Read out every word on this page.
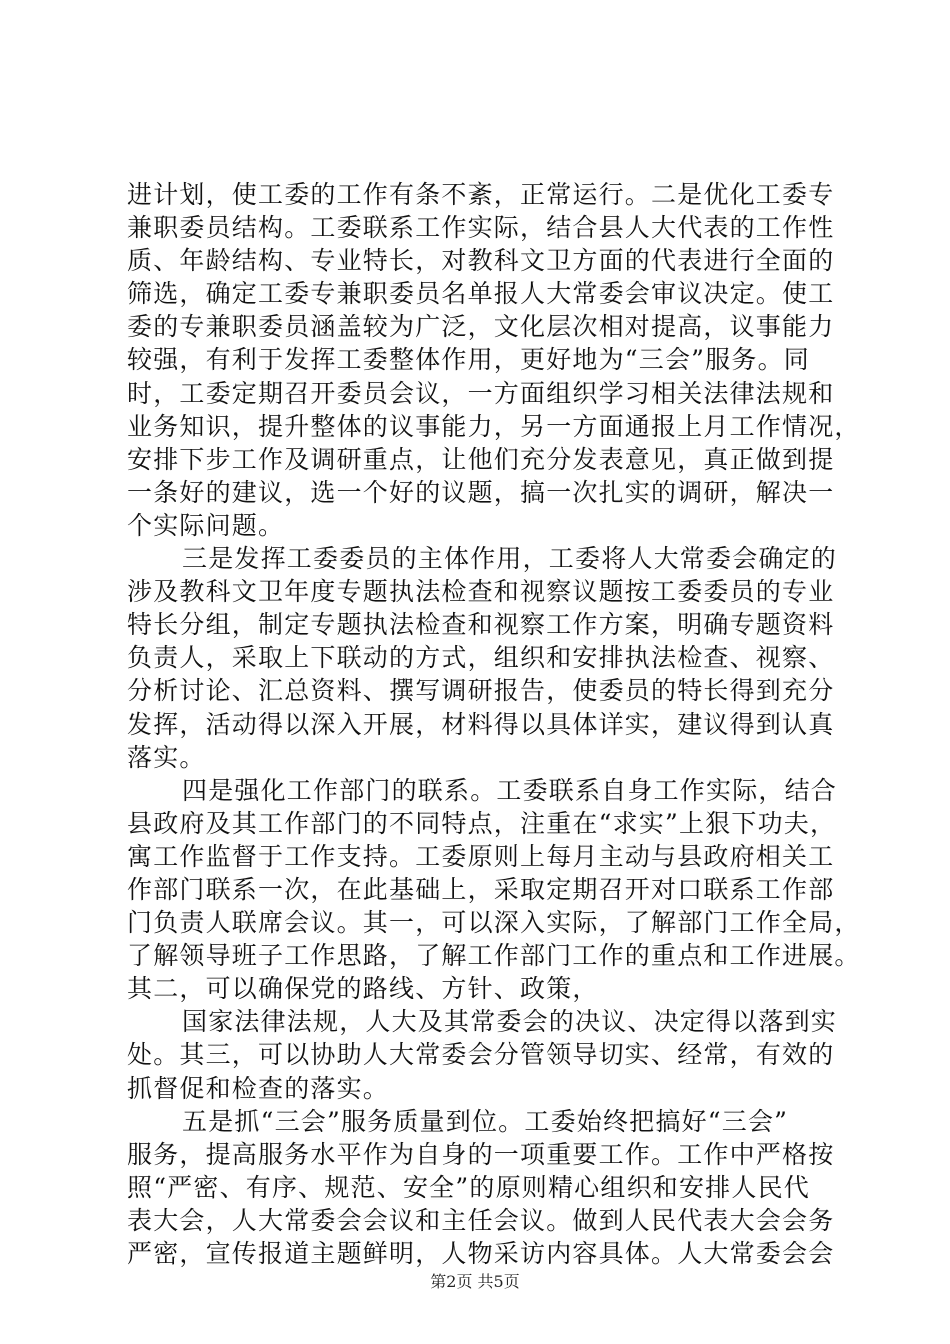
进计划，使工委的工作有条不紊，正常运行。二是优化工委专
兼职委员结构。工委联系工作实际，结合县人大代表的工作性
质、年龄结构、专业特长，对教科文卫方面的代表进行全面的
筛选，确定工委专兼职委员名单报人大常委会审议决定。使工
委的专兼职委员涵盖较为广泛，文化层次相对提高，议事能力
较强，有利于发挥工委整体作用，更好地为“三会”服务。同
时，工委定期召开委员会议，一方面组织学习相关法律法规和
业务知识，提升整体的议事能力，另一方面通报上月工作情况，
安排下步工作及调研重点，让他们充分发表意见，真正做到提
一条好的建议，选一个好的议题，搞一次扎实的调研，解决一
个实际问题。
三是发挥工委委员的主体作用，工委将人大常委会确定的
涉及教科文卫年度专题执法检查和视察议题按工委委员的专业
特长分组，制定专题执法检查和视察工作方案，明确专题资料
负责人，采取上下联动的方式，组织和安排执法检查、视察、
分析讨论、汇总资料、撰写调研报告，使委员的特长得到充分
发挥，活动得以深入开展，材料得以具体详实，建议得到认真
落实。
四是强化工作部门的联系。工委联系自身工作实际，结合
县政府及其工作部门的不同特点，注重在“求实”上狠下功夫，
寓工作监督于工作支持。工委原则上每月主动与县政府相关工
作部门联系一次，在此基础上，采取定期召开对口联系工作部
门负责人联席会议。其一，可以深入实际，了解部门工作全局，
了解领导班子工作思路，了解工作部门工作的重点和工作进展。
其二，可以确保党的路线、方针、政策，
国家法律法规，人大及其常委会的决议、决定得以落到实
处。其三，可以协助人大常委会分管领导切实、经常，有效的
抓督促和检查的落实。
五是抓“三会”服务质量到位。工委始终把搞好“三会”
服务，提高服务水平作为自身的一项重要工作。工作中严格按
照“严密、有序、规范、安全”的原则精心组织和安排人民代
表大会，人大常委会会议和主任会议。做到人民代表大会会务
严密，宣传报道主题鲜明，人物采访内容具体。人大常委会会
第2页 共5页
